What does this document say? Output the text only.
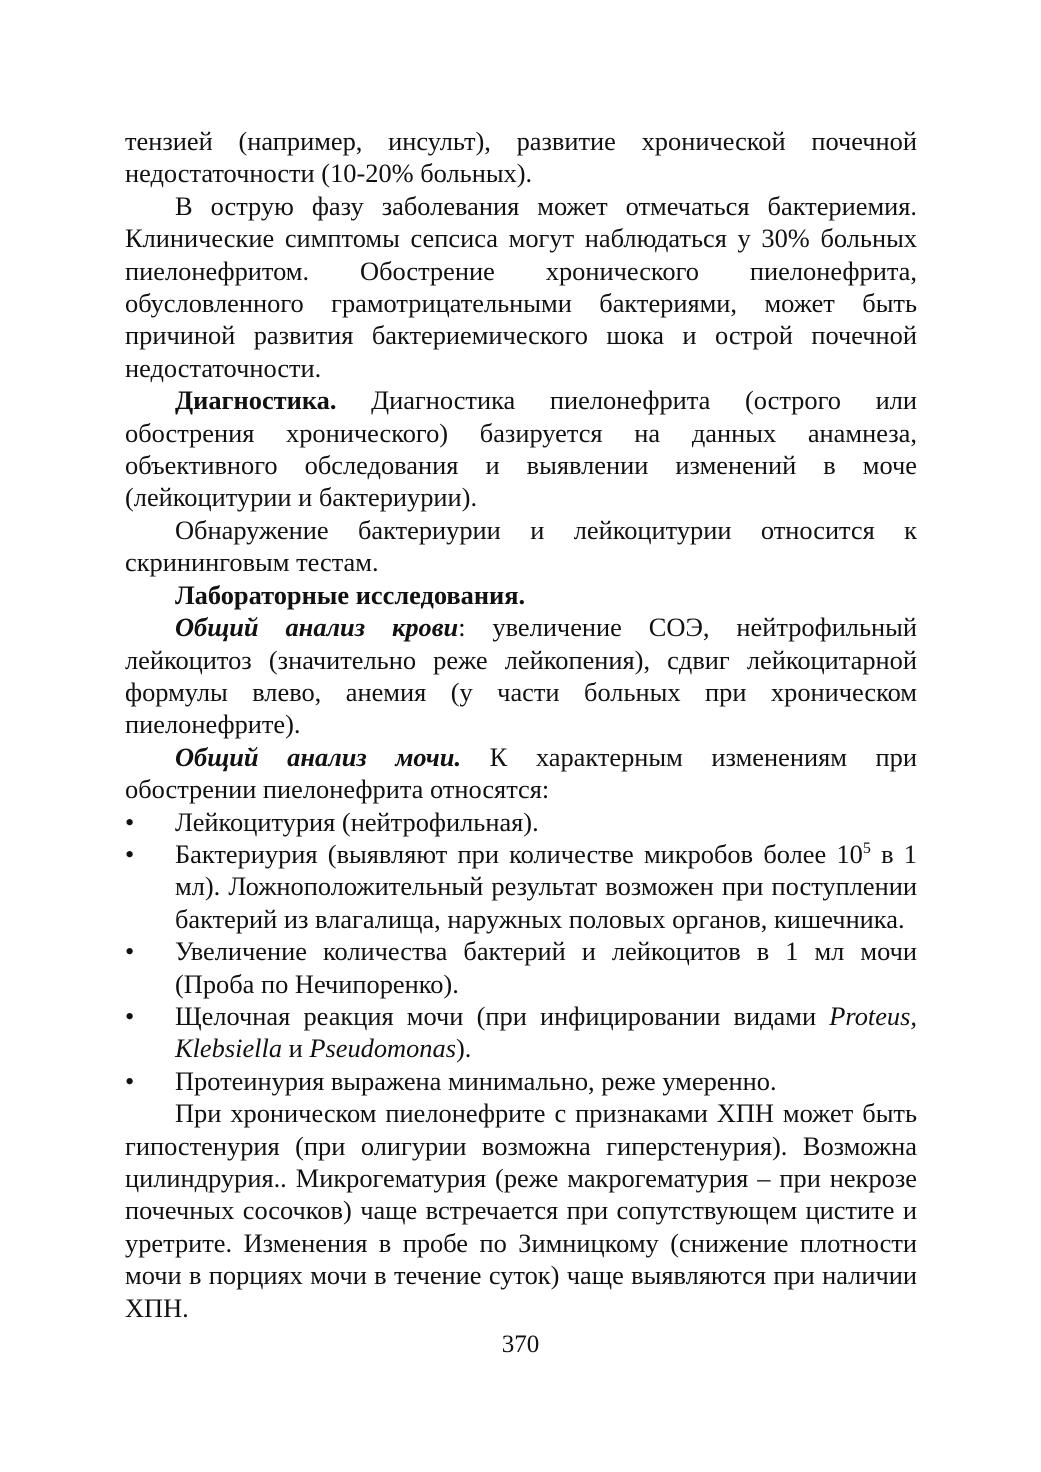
тензией (например, инсульт), развитие хронической почечной недостаточности (10-20% больных).

В острую фазу заболевания может отмечаться бактериемия. Клинические симптомы сепсиса могут наблюдаться у 30% больных пиелонефритом. Обострение хронического пиелонефрита, обусловленного грамотрицательными бактериями, может быть причиной развития бактериемического шока и острой почечной недостаточности.

Диагностика. Диагностика пиелонефрита (острого или обострения хронического) базируется на данных анамнеза, объективного обследования и выявлении изменений в моче (лейкоцитурии и бактериурии).

Обнаружение бактериурии и лейкоцитурии относится к скрининговым тестам.

Лабораторные исследования.

Общий анализ крови: увеличение СОЭ, нейтрофильный лейкоцитоз (значительно реже лейкопения), сдвиг лейкоцитарной формулы влево, анемия (у части больных при хроническом пиелонефрите).

Общий анализ мочи. К характерным изменениям при обострении пиелонефрита относятся:

• Лейкоцитурия (нейтрофильная).

• Бактериурия (выявляют при количестве микробов более $10^5$ в 1 мл). Ложноположительный результат возможен при поступлении бактерий из влагалища, наружных половых органов, кишечника.

• Увеличение количества бактерий и лейкоцитов в 1 мл мочи (Проба по Нечипоренко).

• Щелочная реакция мочи (при инфицировании видами Proteus, Klebsiella и Pseudomonas).

• Протеинурия выражена минимально, реже умеренно.

При хроническом пиелонефрите с признаками ХПН может быть гипостенурия (при олигурии возможна гиперстенурия). Возможна цилиндрурия.. Микрогематурия (реже макрогематурия – при некрозе почечных сосочков) чаще встречается при сопутствующем цистите и уретрите. Изменения в пробе по Зимницкому (снижение плотности мочи в порциях мочи в течение суток) чаще выявляются при наличии ХПН.

370
